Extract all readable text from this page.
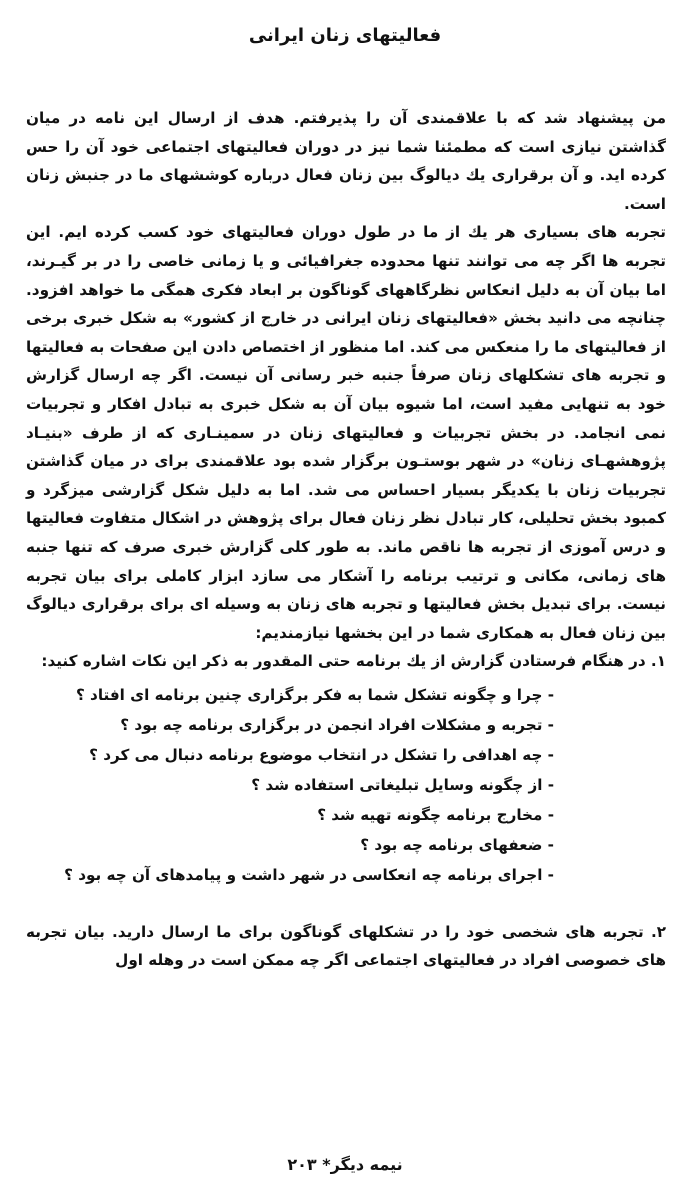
فعالیتهای زنان ایرانی

من پیشنهاد شد که با علاقمندی آن را پذیرفتم. هدف از ارسال این نامه در میان گذاشتن نیازی است که مطمئنا شما نیز در دوران فعالیتهای اجتماعی خود آن را حس کرده اید. و آن برقراری یك دیالوگ بین زنان فعال درباره کوششهای ما در جنبش زنان است.

تجربه های بسیاری هر یك از ما در طول دوران فعالیتهای خود کسب کرده ایم. این تجربه ها اگر چه می توانند تنها محدوده جغرافیائی و یا زمانی خاصی را در بر گیـرند، اما بیان آن به دلیل انعکاس نظرگاههای گوناگون بر ابعاد فکری همگی ما خواهد افزود. چنانچه می دانید بخش «فعالیتهای زنان ایرانی در خارج از کشور» به شکل خبری برخی از فعالیتهای ما را منعکس می کند. اما منظور از اختصاص دادن این صفحات به فعالیتها و تجربه های تشکلهای زنان صرفاً جنبه خبر رسانی آن نیست. اگر چه ارسال گزارش خود به تنهایی مفید است، اما شیوه بیان آن به شکل خبری به تبادل افکار و تجربیات نمی انجامد. در بخش تجربیات و فعالیتهای زنان در سمینـاری که از طرف «بنیـاد پژوهشهـای زنان» در شهر بوستـون برگزار شده بود علاقمندی برای در میان گذاشتن تجربیات زنان با یکدیگر بسیار احساس می شد. اما به دلیل شکل گزارشی میزگرد و کمبود بخش تحلیلی، کار تبادل نظر زنان فعال برای پژوهش در اشکال متفاوت فعالیتها و درس آموزی از تجربه ها ناقص ماند. به طور کلی گزارش خبری صرف که تنها جنبه های زمانی، مکانی و ترتیب برنامه را آشکار می سازد ابزار کاملی برای بیان تجربه نیست. برای تبدیل بخش فعالیتها و تجربه های زنان به وسیله ای برای برقراری دیالوگ بین زنان فعال به همکاری شما در این بخشها نیازمندیم:

۱. در هنگام فرستادن گزارش از یك برنامه حتی المقدور به ذکر این نکات اشاره کنید:

- چرا و چگونه تشکل شما به فکر برگزاری چنین برنامه ای افتاد ؟
- تجربه و مشکلات افراد انجمن در برگزاری برنامه چه بود ؟
- چه اهدافی را تشکل در انتخاب موضوع برنامه دنبال می کرد ؟
- از چگونه وسایل تبلیغاتی استفاده شد ؟
- مخارج برنامه چگونه تهیه شد ؟
- ضعفهای برنامه چه بود ؟
- اجرای برنامه چه انعکاسی در شهر داشت و پیامدهای آن چه بود ؟

۲. تجربه های شخصی خود را در تشکلهای گوناگون برای ما ارسال دارید. بیان تجربه های خصوصی افراد در فعالیتهای اجتماعی اگر چه ممکن است در وهله اول

نیمه دیگر* ۲۰۳
